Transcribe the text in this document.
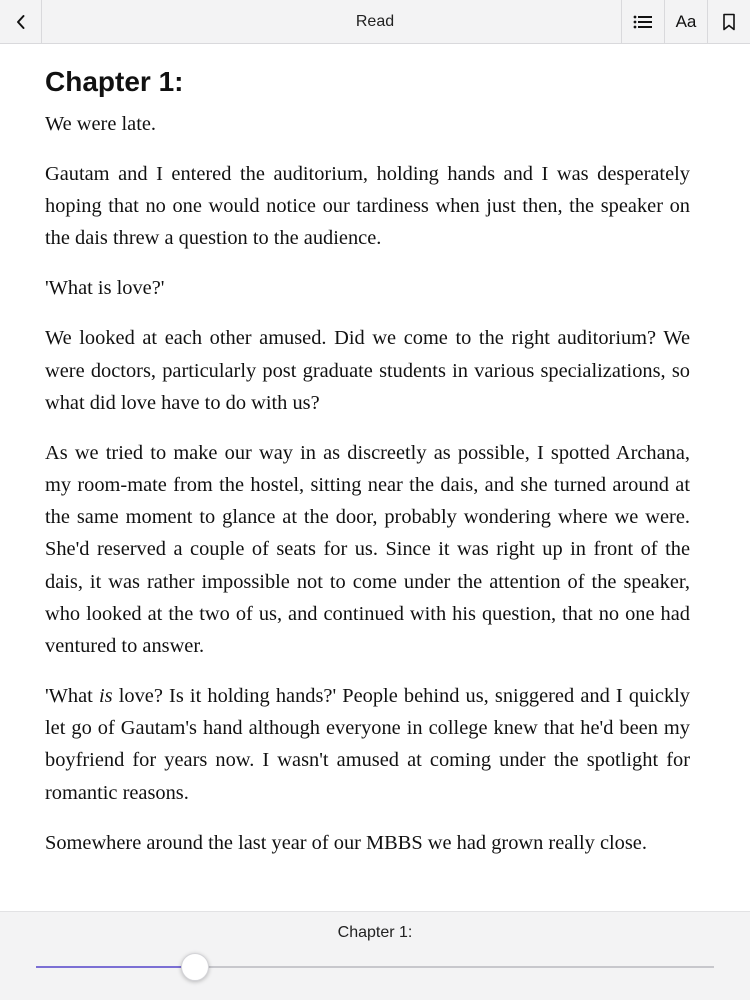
Read	Aa
Chapter 1:

We were late.

Gautam and I entered the auditorium, holding hands and I was desperately hoping that no one would notice our tardiness when just then, the speaker on the dais threw a question to the audience.

'What is love?'

We looked at each other amused. Did we come to the right auditorium? We were doctors, particularly post graduate students in various specializations, so what did love have to do with us?

As we tried to make our way in as discreetly as possible, I spotted Archana, my room-mate from the hostel, sitting near the dais, and she turned around at the same moment to glance at the door, probably wondering where we were. She'd reserved a couple of seats for us. Since it was right up in front of the dais, it was rather impossible not to come under the attention of the speaker, who looked at the two of us, and continued with his question, that no one had ventured to answer.

'What is love? Is it holding hands?' People behind us, sniggered and I quickly let go of Gautam's hand although everyone in college knew that he'd been my boyfriend for years now. I wasn't amused at coming under the spotlight for romantic reasons.

Somewhere around the last year of our MBBS we had grown really close.

Chapter 1:
